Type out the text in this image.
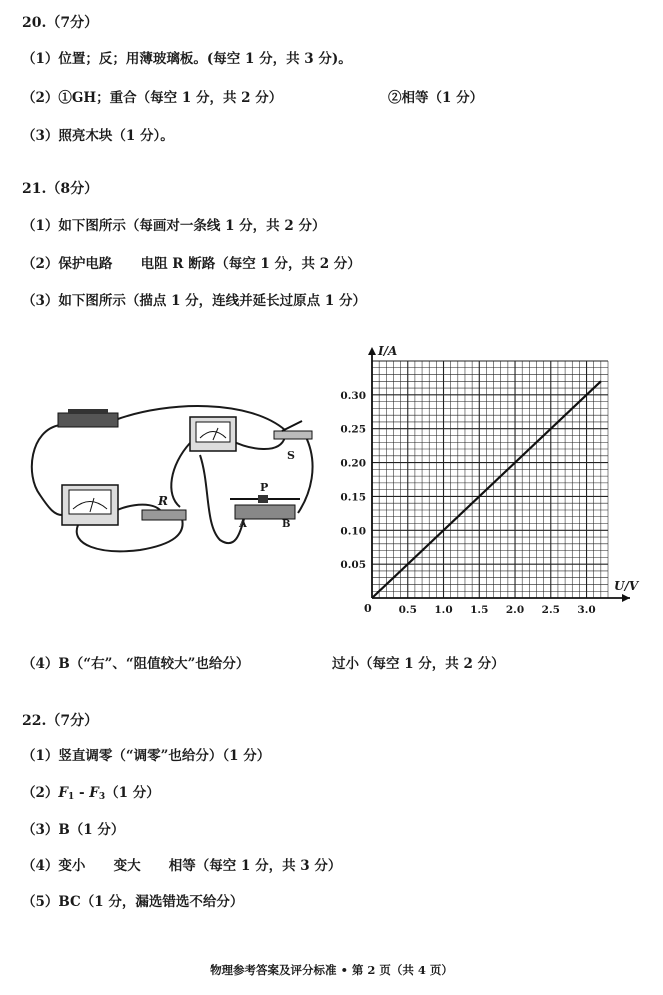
20.（7分）
（1）位置；反；用薄玻璃板。(每空 1 分，共 3 分)。
（2）①GH；重合（每空 1 分，共 2 分）	②相等（1 分）
（3）照亮木块（1 分）。
21.（8分）
（1）如下图所示（每画对一条线 1 分，共 2 分）
（2）保护电路      电阻 R 断路（每空 1 分，共 2 分）
（3）如下图所示（描点 1 分，连线并延长过原点 1 分）
R
S
P
A	B
U/V
I/A
0	0.5 1.0 1.5 2.0 2.5 3.0
0.05
0.10
0.15
0.20
0.25
0.30
（4）B（“右”、“阻值较大”也给分）	过小（每空 1 分，共 2 分）
22.（7分）
（1）竖直调零（“调零”也给分）（1 分）
$(2)F_1 - F_3(1$ 分）
（3）B（1 分）
（4）变小      变大      相等（每空 1 分，共 3 分）
（5）BC（1 分，漏选错选不给分）
物理参考答案及评分标准 • 第 2 页（共 4 页）
